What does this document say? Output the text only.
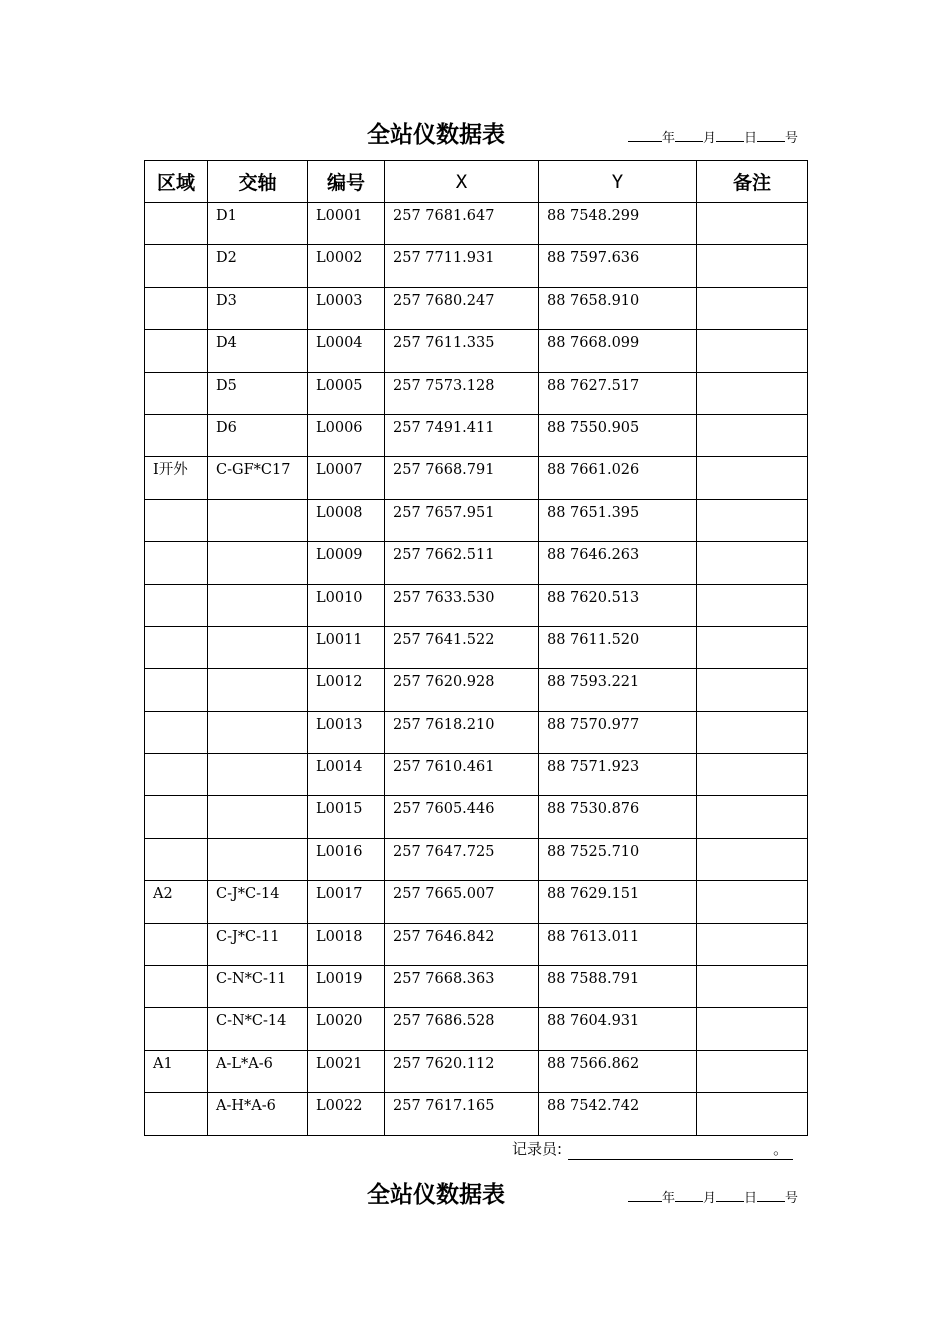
全站仪数据表	年 月 日 号
区域	交轴	编号	X	Y	备注
	D1	L0001	257 7681.647	88 7548.299	
	D2	L0002	257 7711.931	88 7597.636	
	D3	L0003	257 7680.247	88 7658.910	
	D4	L0004	257 7611.335	88 7668.099	
	D5	L0005	257 7573.128	88 7627.517	
	D6	L0006	257 7491.411	88 7550.905	
I开外	C-GF*C17	L0007	257 7668.791	88 7661.026	
		L0008	257 7657.951	88 7651.395	
		L0009	257 7662.511	88 7646.263	
		L0010	257 7633.530	88 7620.513	
		L0011	257 7641.522	88 7611.520	
		L0012	257 7620.928	88 7593.221	
		L0013	257 7618.210	88 7570.977	
		L0014	257 7610.461	88 7571.923	
		L0015	257 7605.446	88 7530.876	
		L0016	257 7647.725	88 7525.710	
A2	C-J*C-14	L0017	257 7665.007	88 7629.151	
	C-J*C-11	L0018	257 7646.842	88 7613.011	
	C-N*C-11	L0019	257 7668.363	88 7588.791	
	C-N*C-14	L0020	257 7686.528	88 7604.931	
A1	A-L*A-6	L0021	257 7620.112	88 7566.862	
	A-H*A-6	L0022	257 7617.165	88 7542.742	
记录员:	。
全站仪数据表	年 月 日 号
